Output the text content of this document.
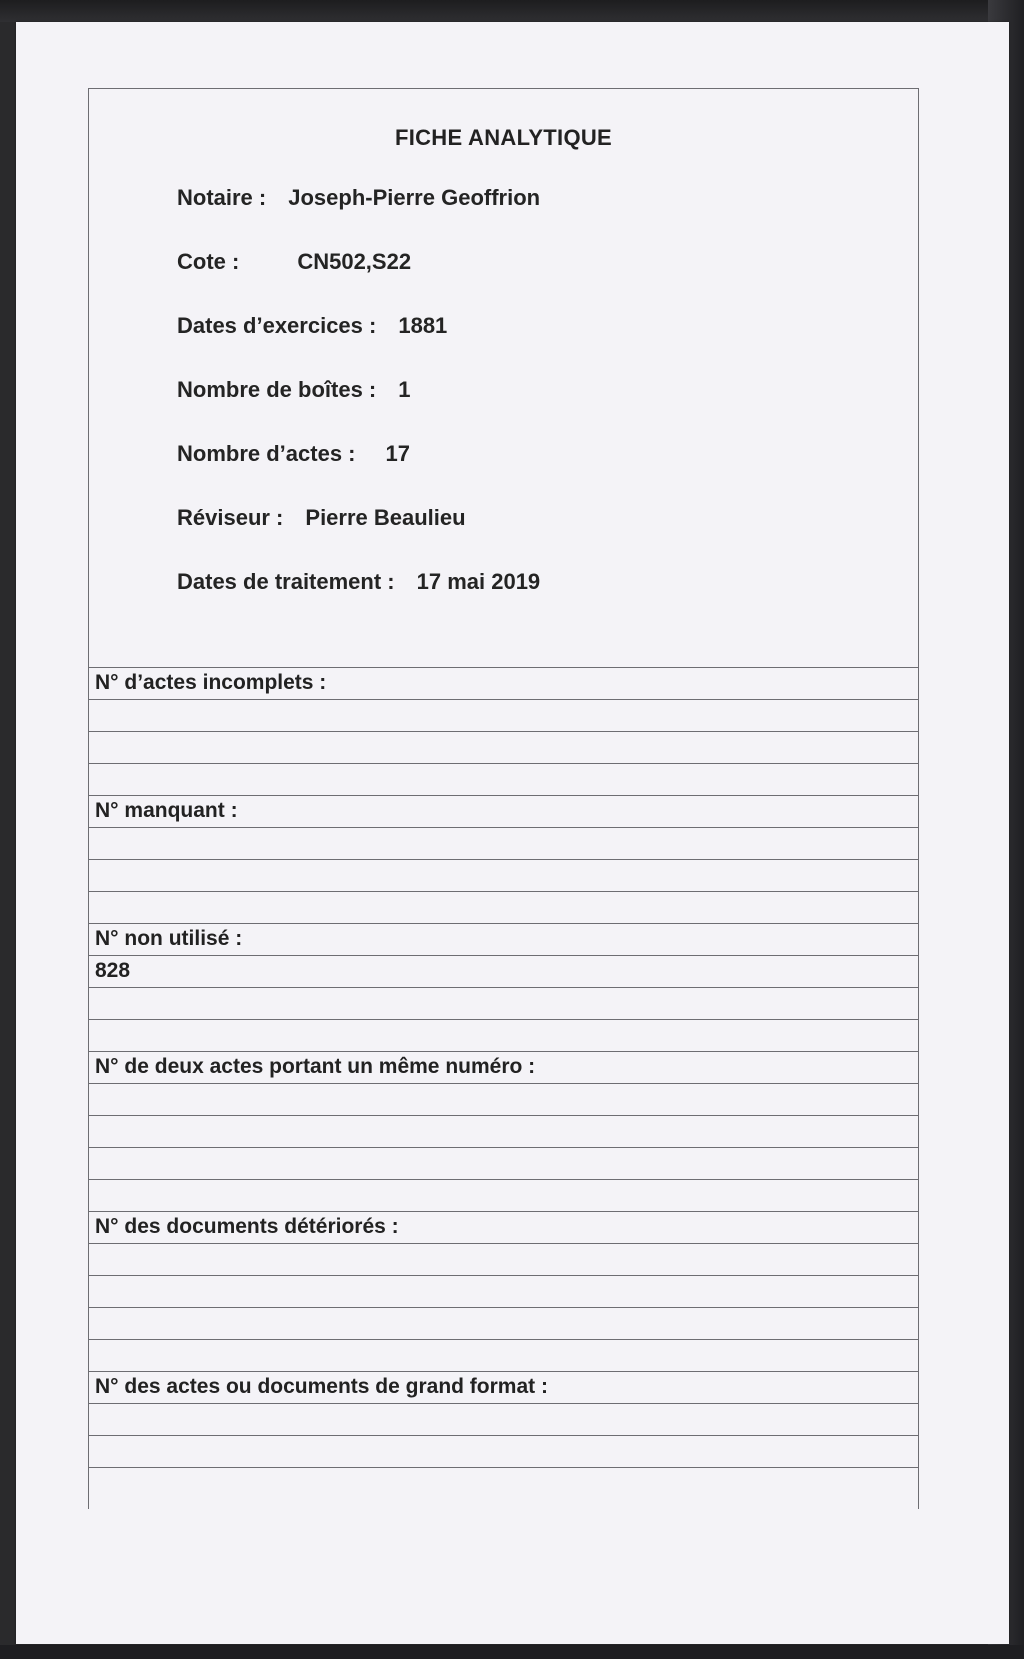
FICHE ANALYTIQUE
Notaire : Joseph-Pierre Geoffrion
Cote :	CN502,S22
Dates d’exercices : 1881
Nombre de boîtes : 1
Nombre d’actes : 17
Réviseur : Pierre Beaulieu
Dates de traitement : 17 mai 2019
N° d’actes incomplets :
N° manquant :
N° non utilisé :
828
N° de deux actes portant un même numéro :
N° des documents détériorés :
N° des actes ou documents de grand format :
